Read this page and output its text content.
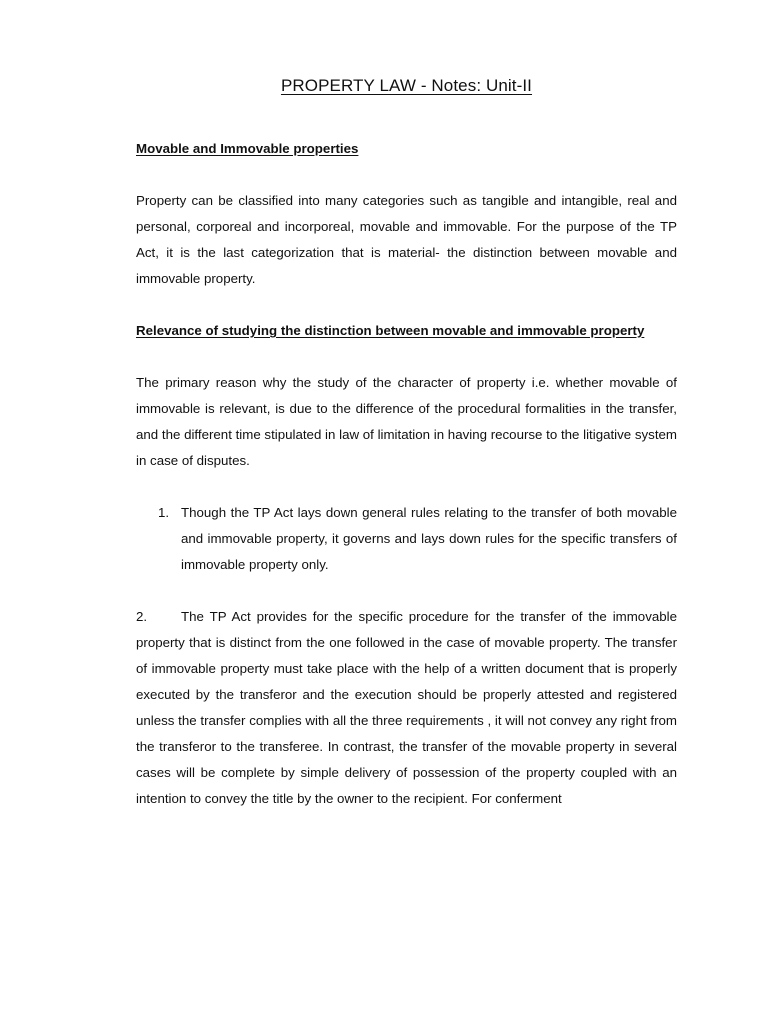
PROPERTY LAW - Notes: Unit-II

Movable and Immovable properties

Property can be classified into many categories such as tangible and intangible, real and personal, corporeal and incorporeal, movable and immovable. For the purpose of the TP Act, it is the last categorization that is material- the distinction between movable and immovable property.

Relevance of studying the distinction between movable and immovable property

The primary reason why the study of the character of property i.e. whether movable of immovable is relevant, is due to the difference of the procedural formalities in the transfer, and the different time stipulated in law of limitation in having recourse to the litigative system in case of disputes.

1. Though the TP Act lays down general rules relating to the transfer of both movable and immovable property, it governs and lays down rules for the specific transfers of immovable property only.

2.	The TP Act provides for the specific procedure for the transfer of the immovable property that is distinct from the one followed in the case of movable property. The transfer of immovable property must take place with the help of a written document that is properly executed by the transferor and the execution should be properly attested and registered unless the transfer complies with all the three requirements , it will not convey any right from the transferor to the transferee. In contrast, the transfer of the movable property in several cases will be complete by simple delivery of possession of the property coupled with an intention to convey the title by the owner to the recipient. For conferment
